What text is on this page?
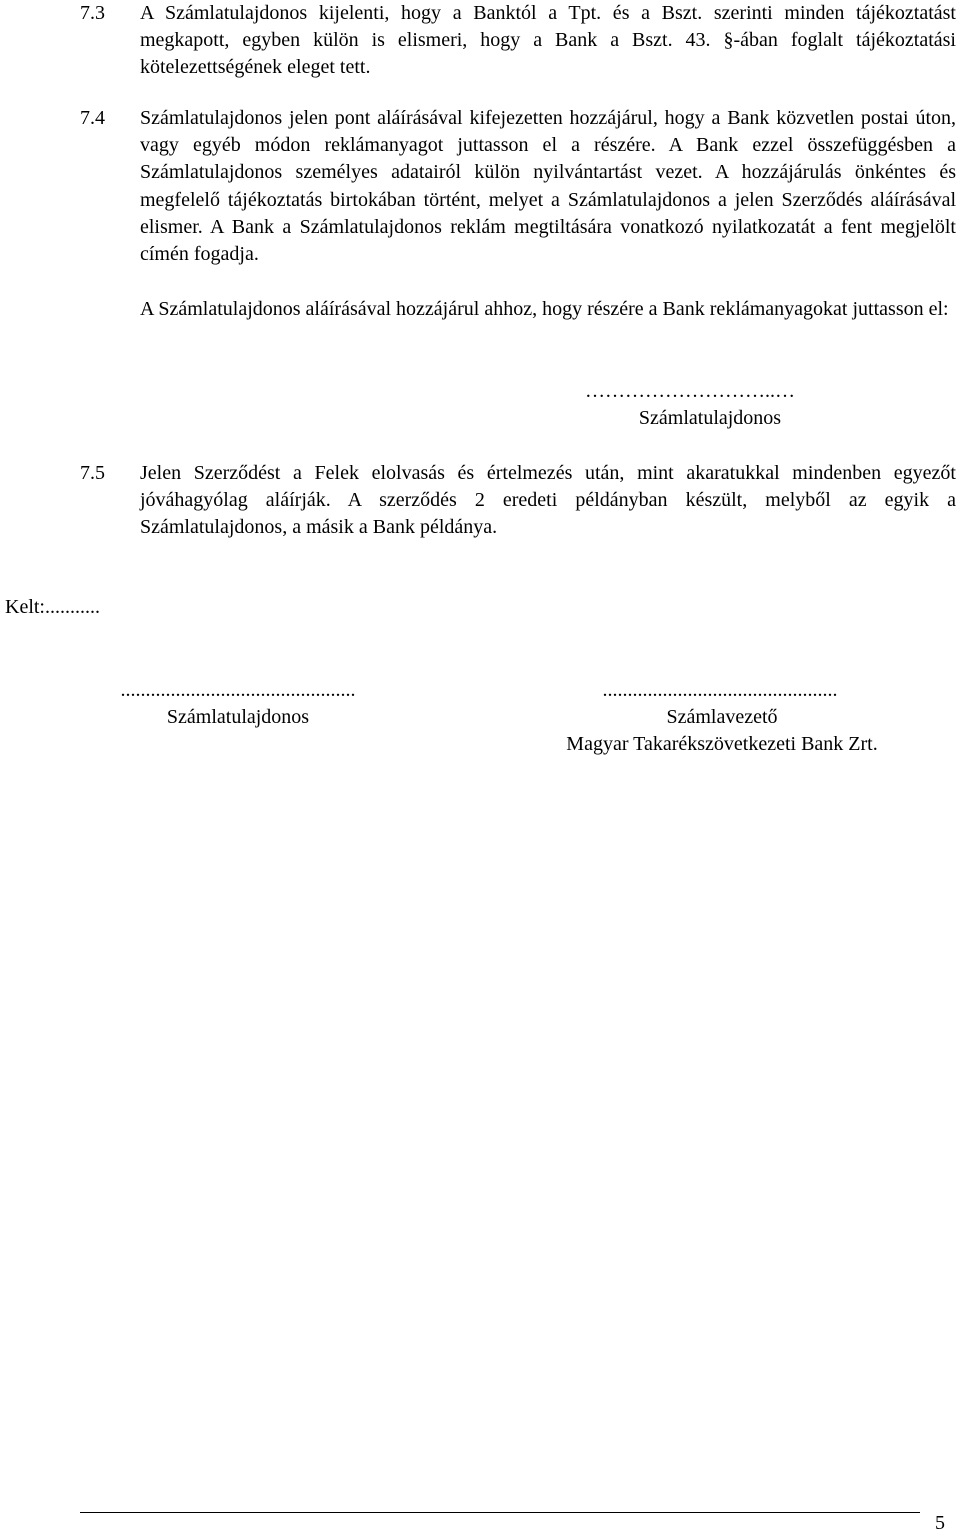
7.3	A Számlatulajdonos kijelenti, hogy a Banktól a Tpt. és a Bszt. szerinti minden tájékoztatást megkapott, egyben külön is elismeri, hogy a Bank a Bszt. 43. §-ában foglalt tájékoztatási kötelezettségének eleget tett.

7.4	Számlatulajdonos jelen pont aláírásával kifejezetten hozzájárul, hogy a Bank közvetlen postai úton, vagy egyéb módon reklámanyagot juttasson el a részére. A Bank ezzel összefüggésben a Számlatulajdonos személyes adatairól külön nyilvántartást vezet. A hozzájárulás önkéntes és megfelelő tájékoztatás birtokában történt, melyet a Számlatulajdonos a jelen Szerződés aláírásával elismer. A Bank a Számlatulajdonos reklám megtiltására vonatkozó nyilatkozatát a fent megjelölt címén fogadja.

A Számlatulajdonos aláírásával hozzájárul ahhoz, hogy részére a Bank reklámanyagokat juttasson el:

………………………..…
Számlatulajdonos
7.5	Jelen Szerződést a Felek elolvasás és értelmezés után, mint akaratukkal mindenben egyezőt jóváhagyólag aláírják. A szerződés 2 eredeti példányban készült, melyből az egyik a Számlatulajdonos, a másik a Bank példánya.

Kelt:...........
...............................................
Számlatulajdonos
...............................................
Számlavezető
Magyar Takarékszövetkezeti Bank Zrt.
5
